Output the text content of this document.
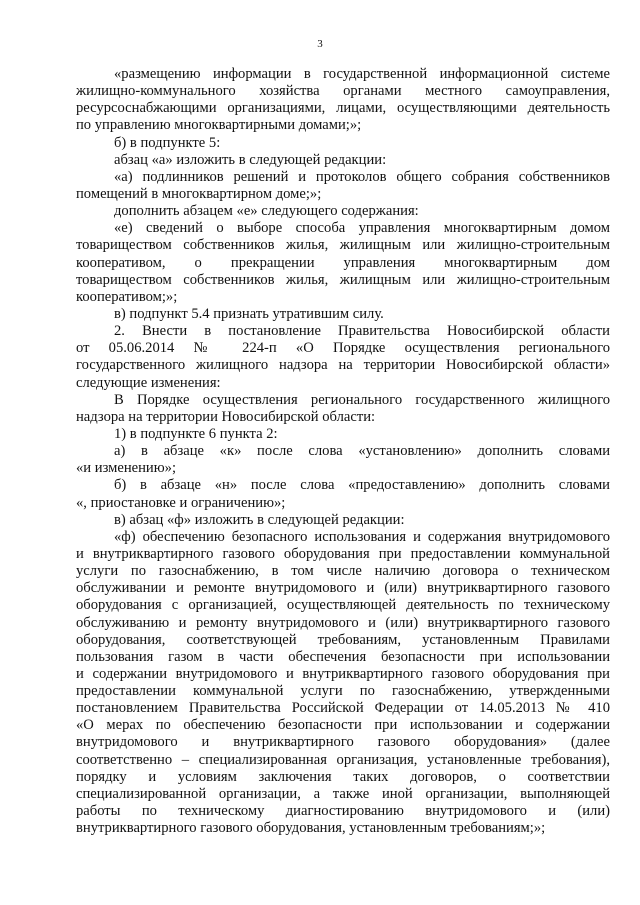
3
«размещению информации в государственной информационной системе
жилищно-коммунального хозяйства органами местного самоуправления,
ресурсоснабжающими организациями, лицами, осуществляющими деятельность
по управлению многоквартирными домами;»;
б) в подпункте 5:
абзац «а» изложить в следующей редакции:
«а) подлинников решений и протоколов общего собрания собственников
помещений в многоквартирном доме;»;
дополнить абзацем «е» следующего содержания:
«е) сведений о выборе способа управления многоквартирным домом
товариществом собственников жилья, жилищным или жилищно-строительным
кооперативом, о прекращении управления многоквартирным дом
товариществом собственников жилья, жилищным или жилищно-строительным
кооперативом;»;
в) подпункт 5.4 признать утратившим силу.
2. Внести в постановление Правительства Новосибирской области
от 05.06.2014 № 224-п «О Порядке осуществления регионального
государственного жилищного надзора на территории Новосибирской области»
следующие изменения:
В Порядке осуществления регионального государственного жилищного
надзора на территории Новосибирской области:
1) в подпункте 6 пункта 2:
а) в абзаце «к» после слова «установлению» дополнить словами
«и изменению»;
б) в абзаце «н» после слова «предоставлению» дополнить словами
«, приостановке и ограничению»;
в) абзац «ф» изложить в следующей редакции:
«ф) обеспечению безопасного использования и содержания внутридомового
и внутриквартирного газового оборудования при предоставлении коммунальной
услуги по газоснабжению, в том числе наличию договора о техническом
обслуживании и ремонте внутридомового и (или) внутриквартирного газового
оборудования с организацией, осуществляющей деятельность по техническому
обслуживанию и ремонту внутридомового и (или) внутриквартирного газового
оборудования, соответствующей требованиям, установленным Правилами
пользования газом в части обеспечения безопасности при использовании
и содержании внутридомового и внутриквартирного газового оборудования при
предоставлении коммунальной услуги по газоснабжению, утвержденными
постановлением Правительства Российской Федерации от 14.05.2013 № 410
«О мерах по обеспечению безопасности при использовании и содержании
внутридомового и внутриквартирного газового оборудования» (далее
соответственно – специализированная организация, установленные требования),
порядку и условиям заключения таких договоров, о соответствии
специализированной организации, а также иной организации, выполняющей
работы по техническому диагностированию внутридомового и (или)
внутриквартирного газового оборудования, установленным требованиям;»;
